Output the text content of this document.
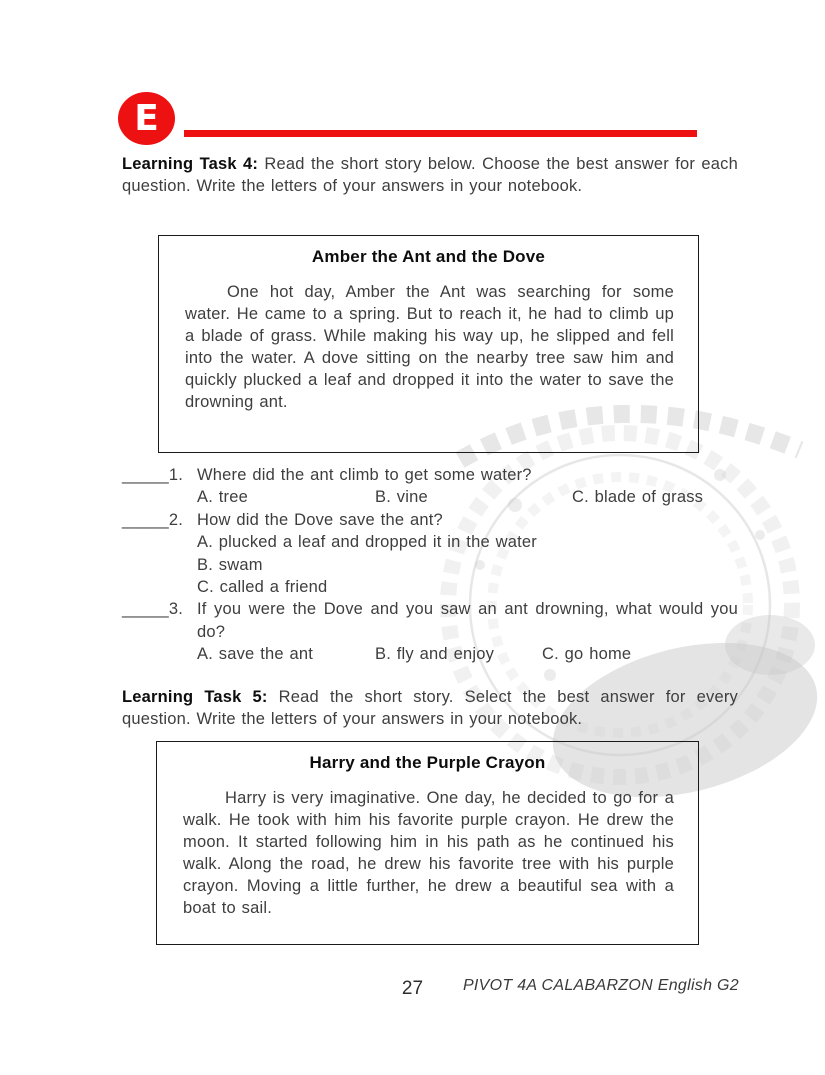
E

Learning Task 4: Read the short story below. Choose the best answer for each question. Write the letters of your answers in your notebook.

Amber the Ant and the Dove

One hot day, Amber the Ant was searching for some water. He came to a spring. But to reach it, he had to climb up a blade of grass. While making his way up, he slipped and fell into the water. A dove sitting on the nearby tree saw him and quickly plucked a leaf and dropped it into the water to save the drowning ant.

_____1. Where did the ant climb to get some water?
A. tree	B. vine	C. blade of grass
_____2. How did the Dove save the ant?
A. plucked a leaf and dropped it in the water
B. swam
C. called a friend
_____3. If you were the Dove and you saw an ant drowning, what would you do?
A. save the ant	B. fly and enjoy	C. go home

Learning Task 5: Read the short story. Select the best answer for every question. Write the letters of your answers in your notebook.

Harry and the Purple Crayon

Harry is very imaginative. One day, he decided to go for a walk. He took with him his favorite purple crayon. He drew the moon. It started following him in his path as he continued his walk. Along the road, he drew his favorite tree with his purple crayon. Moving a little further, he drew a beautiful sea with a boat to sail.

27	PIVOT 4A CALABARZON English G2
